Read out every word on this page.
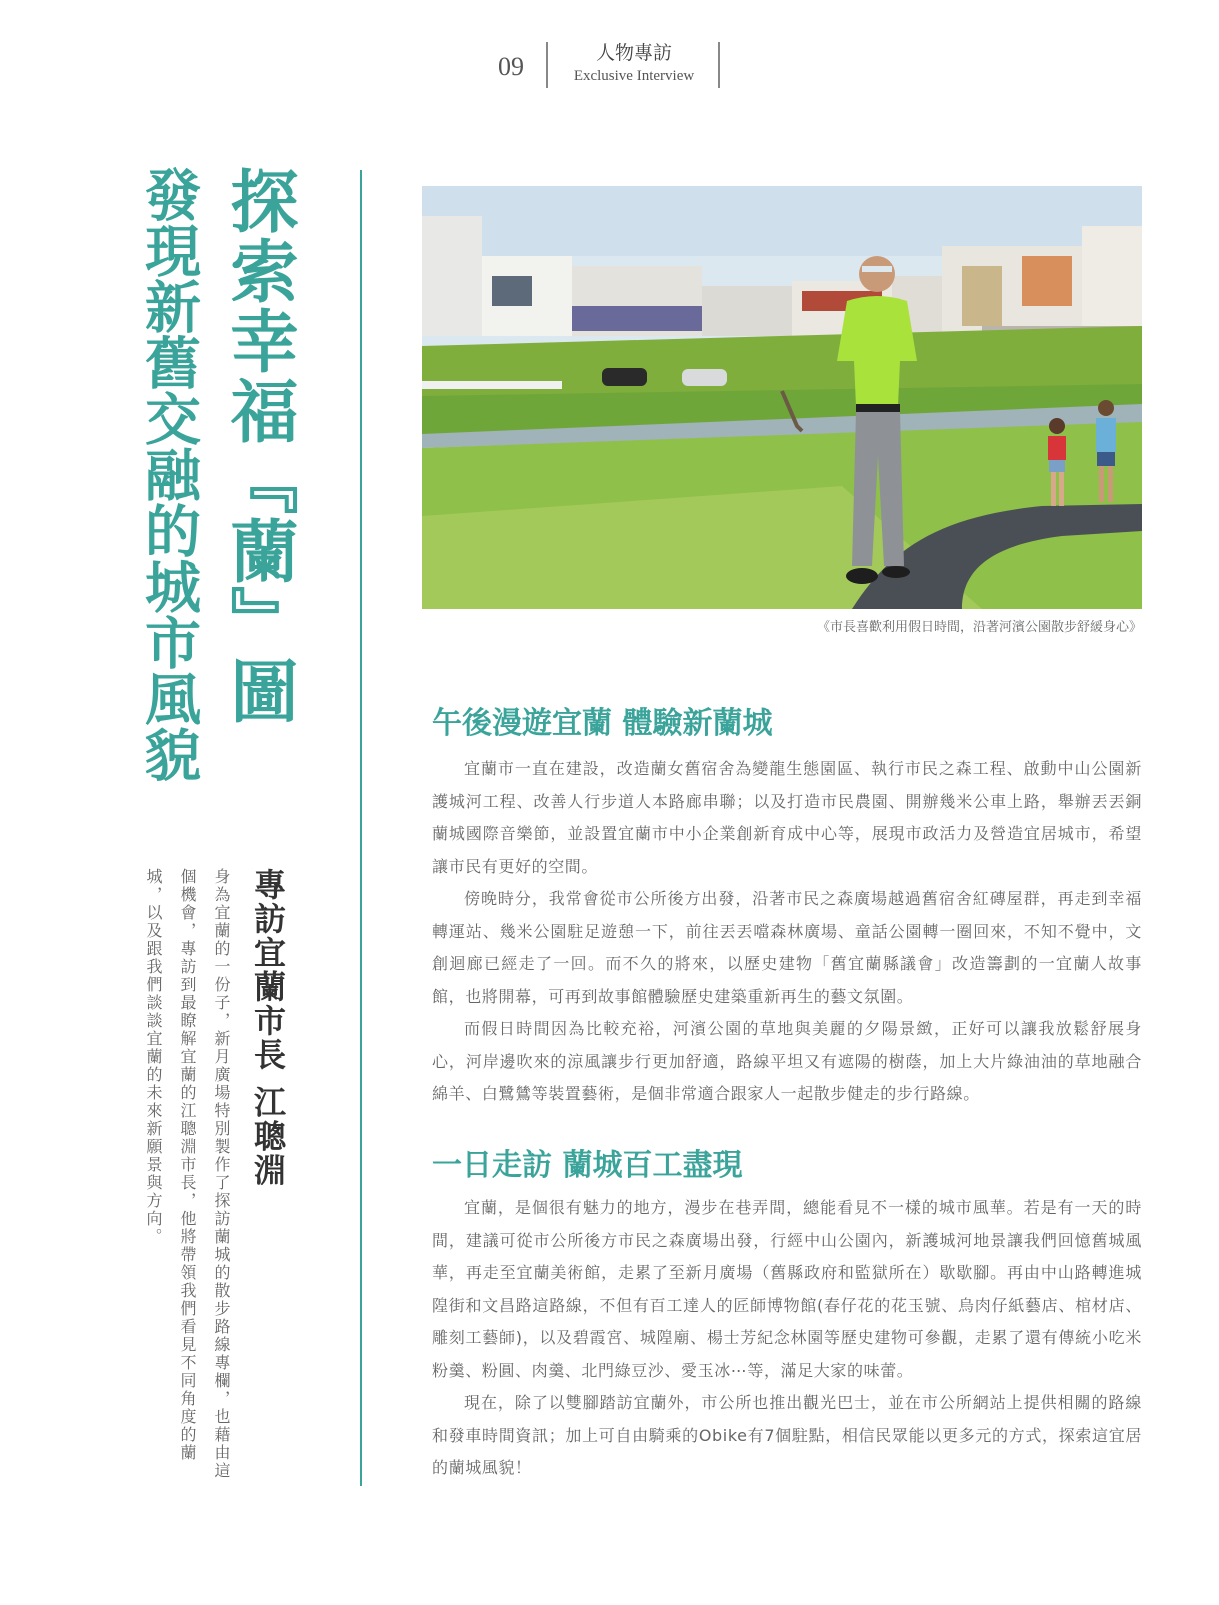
09	人物專訪
Exclusive Interview
探索幸福『蘭』圖
發現新舊交融的城市風貌
專訪宜蘭市長 江聰淵
身為宜蘭的一份子，新月廣場特別製作了探訪蘭城的散步路線專欄，也藉由這個機會，專訪到最瞭解宜蘭的江聰淵市長，他將帶領我們看見不同角度的蘭城，以及跟我們談談宜蘭的未來新願景與方向。
《市長喜歡利用假日時間，沿著河濱公園散步舒緩身心》
午後漫遊宜蘭 體驗新蘭城

宜蘭市一直在建設，改造蘭女舊宿舍為變龍生態園區、執行市民之森工程、啟動中山公園新護城河工程、改善人行步道人本路廊串聯；以及打造市民農園、開辦幾米公車上路，舉辦丟丟銅蘭城國際音樂節，並設置宜蘭市中小企業創新育成中心等，展現市政活力及營造宜居城市，希望讓市民有更好的空間。

傍晚時分，我常會從市公所後方出發，沿著市民之森廣場越過舊宿舍紅磚屋群，再走到幸福轉運站、幾米公園駐足遊憩一下，前往丟丟噹森林廣場、童話公園轉一圈回來，不知不覺中，文創迴廊已經走了一回。而不久的將來，以歷史建物「舊宜蘭縣議會」改造籌劃的一宜蘭人故事館，也將開幕，可再到故事館體驗歷史建築重新再生的藝文氛圍。

而假日時間因為比較充裕，河濱公園的草地與美麗的夕陽景緻，正好可以讓我放鬆舒展身心，河岸邊吹來的涼風讓步行更加舒適，路線平坦又有遮陽的樹蔭，加上大片綠油油的草地融合綿羊、白鷺鷥等裝置藝術，是個非常適合跟家人一起散步健走的步行路線。

一日走訪 蘭城百工盡現

宜蘭，是個很有魅力的地方，漫步在巷弄間，總能看見不一樣的城市風華。若是有一天的時間，建議可從市公所後方市民之森廣場出發，行經中山公園內，新護城河地景讓我們回憶舊城風華，再走至宜蘭美術館，走累了至新月廣場（舊縣政府和監獄所在）歇歇腳。再由中山路轉進城隍街和文昌路這路線，不但有百工達人的匠師博物館(春仔花的花玉號、烏肉仔紙藝店、棺材店、雕刻工藝師)，以及碧霞宮、城隍廟、楊士芳紀念林園等歷史建物可參觀，走累了還有傳統小吃米粉羹、粉圓、肉羹、北門綠豆沙、愛玉冰⋯等，滿足大家的味蕾。

現在，除了以雙腳踏訪宜蘭外，市公所也推出觀光巴士，並在市公所網站上提供相關的路線和發車時間資訊；加上可自由騎乘的Obike有7個駐點，相信民眾能以更多元的方式，探索這宜居的蘭城風貌！
